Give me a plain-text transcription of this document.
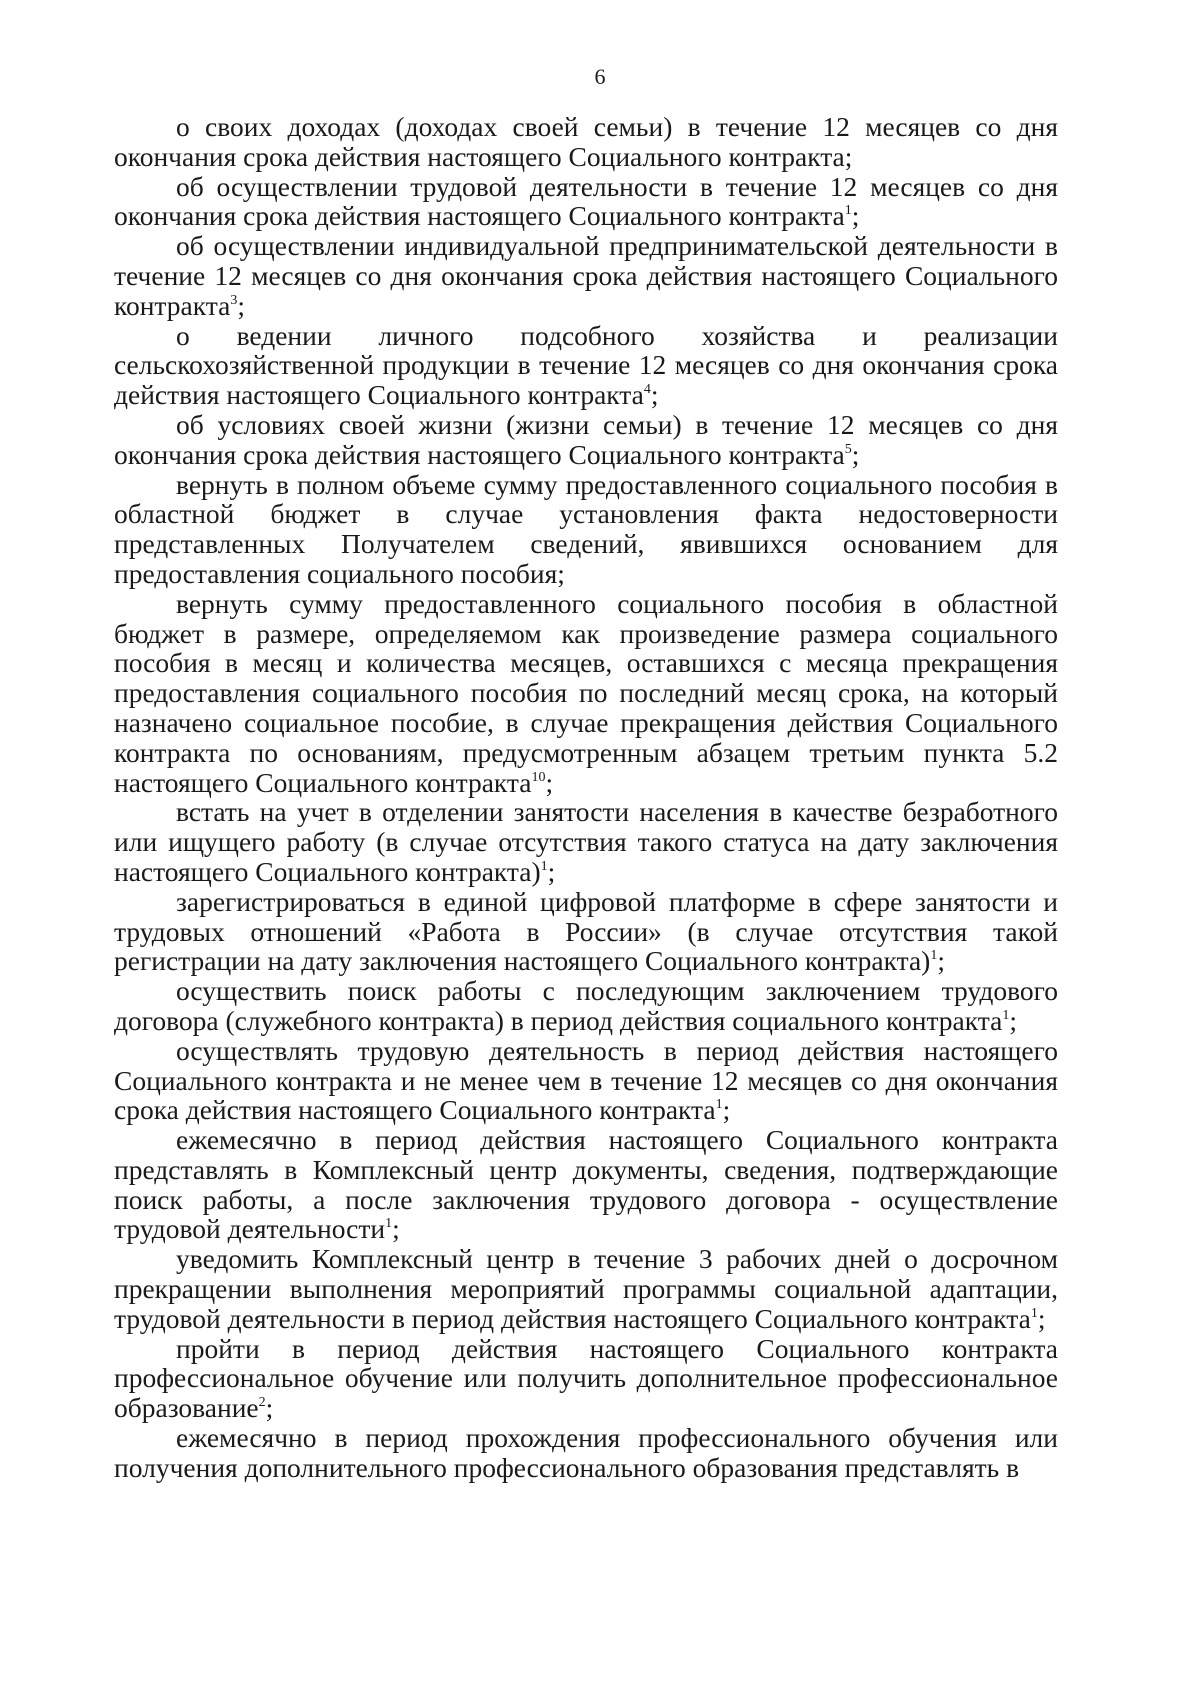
6

о своих доходах (доходах своей семьи) в течение 12 месяцев со дня окончания срока действия настоящего Социального контракта;

об осуществлении трудовой деятельности в течение 12 месяцев со дня окончания срока действия настоящего Социального контракта$^1$;

об осуществлении индивидуальной предпринимательской деятельности в течение 12 месяцев со дня окончания срока действия настоящего Социального контракта$^3$;

о ведении личного подсобного хозяйства и реализации сельскохозяйственной продукции в течение 12 месяцев со дня окончания срока действия настоящего Социального контракта$^4$;

об условиях своей жизни (жизни семьи) в течение 12 месяцев со дня окончания срока действия настоящего Социального контракта$^5$;

вернуть в полном объеме сумму предоставленного социального пособия в областной бюджет в случае установления факта недостоверности представленных Получателем сведений, явившихся основанием для предоставления социального пособия;

вернуть сумму предоставленного социального пособия в областной бюджет в размере, определяемом как произведение размера социального пособия в месяц и количества месяцев, оставшихся с месяца прекращения предоставления социального пособия по последний месяц срока, на который назначено социальное пособие, в случае прекращения действия Социального контракта по основаниям, предусмотренным абзацем третьим пункта 5.2 настоящего Социального контракта$^{10}$;

встать на учет в отделении занятости населения в качестве безработного или ищущего работу (в случае отсутствия такого статуса на дату заключения настоящего Социального контракта)$^1$;

зарегистрироваться в единой цифровой платформе в сфере занятости и трудовых отношений «Работа в России» (в случае отсутствия такой регистрации на дату заключения настоящего Социального контракта)$^1$;

осуществить поиск работы с последующим заключением трудового договора (служебного контракта) в период действия социального контракта$^1$;

осуществлять трудовую деятельность в период действия настоящего Социального контракта и не менее чем в течение 12 месяцев со дня окончания срока действия настоящего Социального контракта$^1$;

ежемесячно в период действия настоящего Социального контракта представлять в Комплексный центр документы, сведения, подтверждающие поиск работы, а после заключения трудового договора - осуществление трудовой деятельности$^1$;

уведомить Комплексный центр в течение 3 рабочих дней о досрочном прекращении выполнения мероприятий программы социальной адаптации, трудовой деятельности в период действия настоящего Социального контракта$^1$;

пройти в период действия настоящего Социального контракта профессиональное обучение или получить дополнительное профессиональное образование$^2$;

ежемесячно в период прохождения профессионального обучения или получения дополнительного профессионального образования представлять в
